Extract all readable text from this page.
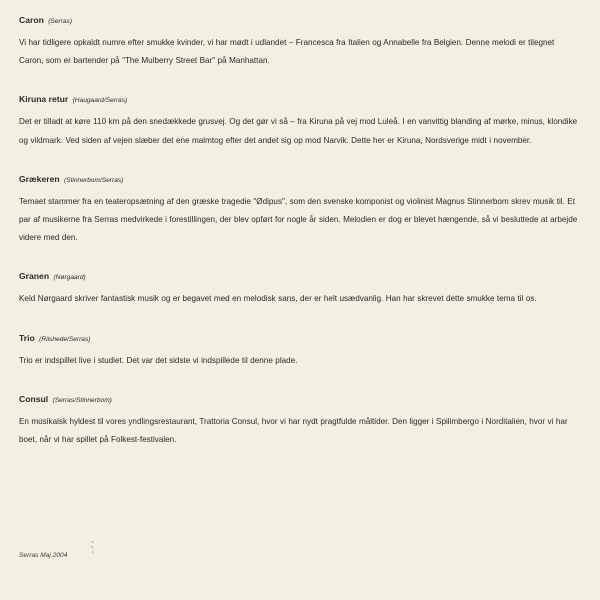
Caron (Serras)
Vi har tidligere opkaldt numre efter smukke kvinder, vi har mødt i udlandet – Francesca fra Italien og Annabelle fra Belgien. Denne melodi er tilegnet Caron, som er bartender på "The Mulberry Street Bar" på Manhattan.
Kiruna retur (Haugaard/Serras)
Det er tilladt at køre 110 km på den snedækkede grusvej. Og det gør vi så – fra Kiruna på vej mod Luleå. I en vanvittig blanding af mørke, minus, klondike og vildmark. Ved siden af vejen slæber det ene malmtog efter det andet sig op mod Narvik. Dette her er Kiruna, Nordsverige midt i november.
Grækeren (Stinnerbom/Serras)
Temaet stammer fra en teateropsætning af den græske tragedie "Ødipus", som den svenske komponist og violinist Magnus Stinnerbom skrev musik til. Et par af musikerne fra Serras medvirkede i forestillingen, der blev opført for nogle år siden. Melodien er dog er blevet hængende, så vi besluttede at arbejde videre med den.
Granen (Nørgaard)
Keld Nørgaard skriver fantastisk musik og er begavet med en melodisk sans, der er helt usædvanlig. Han har skrevet dette smukke tema til os.
Trio (Riishede/Serras)
Trio er indspillet live i studiet. Det var det sidste vi indspillede til denne plade.
Consul (Serras/Stinnerbom)
En musikalsk hyldest til vores yndlingsrestaurant, Trattoria Consul, hvor vi har nydt pragtfulde måltider. Den ligger i Spilimbergo i Norditalien, hvor vi har boet, når vi har spillet på Folkest-festivalen.
Serras Maj 2004
